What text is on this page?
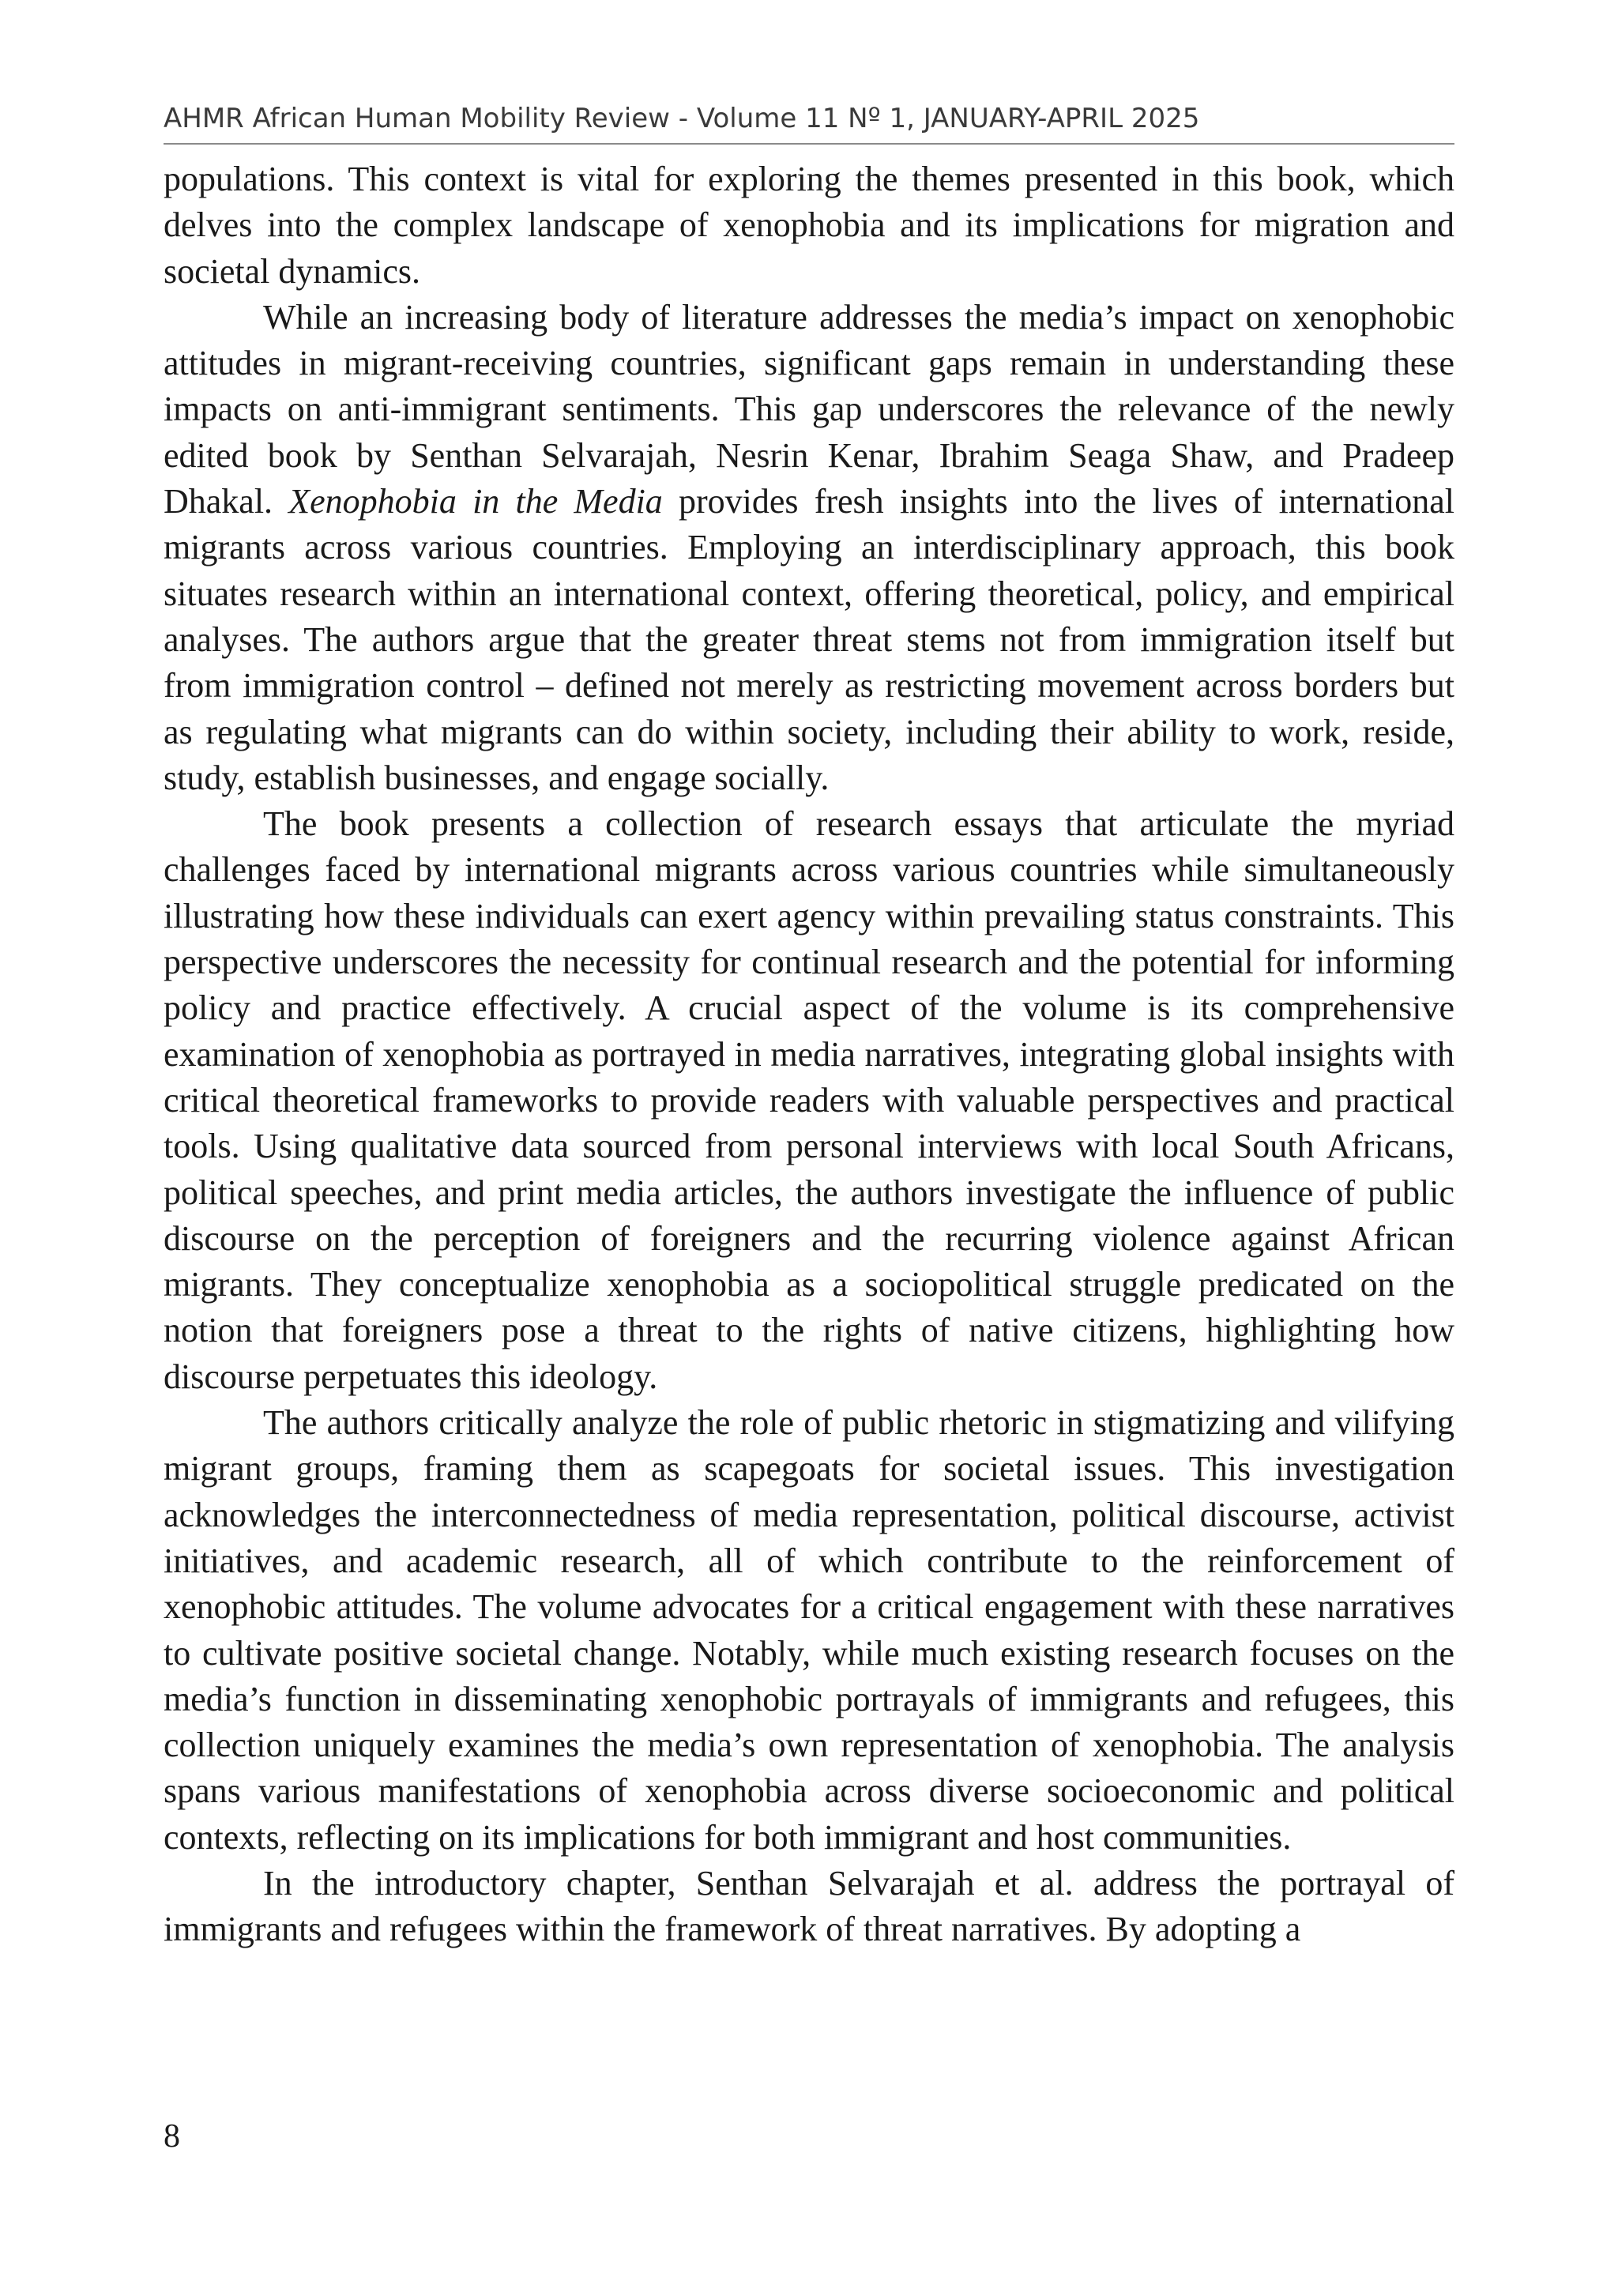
AHMR African Human Mobility Review - Volume 11 Nº 1, JANUARY-APRIL 2025

populations. This context is vital for exploring the themes presented in this book, which delves into the complex landscape of xenophobia and its implications for migration and societal dynamics.

While an increasing body of literature addresses the media’s impact on xenophobic attitudes in migrant-receiving countries, significant gaps remain in understanding these impacts on anti-immigrant sentiments. This gap underscores the relevance of the newly edited book by Senthan Selvarajah, Nesrin Kenar, Ibrahim Seaga Shaw, and Pradeep Dhakal. Xenophobia in the Media provides fresh insights into the lives of international migrants across various countries. Employing an interdisciplinary approach, this book situates research within an international context, offering theoretical, policy, and empirical analyses. The authors argue that the greater threat stems not from immigration itself but from immigration control – defined not merely as restricting movement across borders but as regulating what migrants can do within society, including their ability to work, reside, study, establish businesses, and engage socially.

The book presents a collection of research essays that articulate the myriad challenges faced by international migrants across various countries while simultaneously illustrating how these individuals can exert agency within prevailing status constraints. This perspective underscores the necessity for continual research and the potential for informing policy and practice effectively. A crucial aspect of the volume is its comprehensive examination of xenophobia as portrayed in media narratives, integrating global insights with critical theoretical frameworks to provide readers with valuable perspectives and practical tools. Using qualitative data sourced from personal interviews with local South Africans, political speeches, and print media articles, the authors investigate the influence of public discourse on the perception of foreigners and the recurring violence against African migrants. They conceptualize xenophobia as a sociopolitical struggle predicated on the notion that foreigners pose a threat to the rights of native citizens, highlighting how discourse perpetuates this ideology.

The authors critically analyze the role of public rhetoric in stigmatizing and vilifying migrant groups, framing them as scapegoats for societal issues. This investigation acknowledges the interconnectedness of media representation, political discourse, activist initiatives, and academic research, all of which contribute to the reinforcement of xenophobic attitudes. The volume advocates for a critical engagement with these narratives to cultivate positive societal change. Notably, while much existing research focuses on the media’s function in disseminating xenophobic portrayals of immigrants and refugees, this collection uniquely examines the media’s own representation of xenophobia. The analysis spans various manifestations of xenophobia across diverse socioeconomic and political contexts, reflecting on its implications for both immigrant and host communities.

In the introductory chapter, Senthan Selvarajah et al. address the portrayal of immigrants and refugees within the framework of threat narratives. By adopting a

8
